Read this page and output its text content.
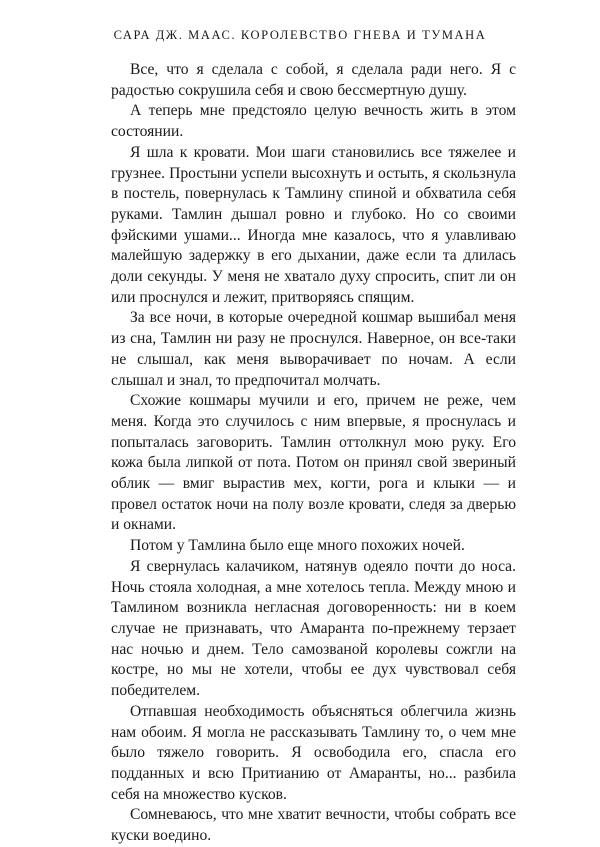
САРА ДЖ. МААС. КОРОЛЕВСТВО ГНЕВА И ТУМАНА

Все, что я сделала с собой, я сделала ради него. Я с радостью сокрушила себя и свою бессмертную душу.

А теперь мне предстояло целую вечность жить в этом состоянии.

Я шла к кровати. Мои шаги становились все тяжелее и грузнее. Простыни успели высохнуть и остыть, я скользнула в постель, повернулась к Тамлину спиной и обхватила себя руками. Тамлин дышал ровно и глубоко. Но со своими фэйскими ушами... Иногда мне казалось, что я улавливаю малейшую задержку в его дыхании, даже если та длилась доли секунды. У меня не хватало духу спросить, спит ли он или проснулся и лежит, притворяясь спящим.

За все ночи, в которые очередной кошмар вышибал меня из сна, Тамлин ни разу не проснулся. Наверное, он все-таки не слышал, как меня выворачивает по ночам. А если слышал и знал, то предпочитал молчать.

Схожие кошмары мучили и его, причем не реже, чем меня. Когда это случилось с ним впервые, я проснулась и попыталась заговорить. Тамлин оттолкнул мою руку. Его кожа была липкой от пота. Потом он принял свой звериный облик — вмиг вырастив мех, когти, рога и клыки — и провел остаток ночи на полу возле кровати, следя за дверью и окнами.

Потом у Тамлина было еще много похожих ночей.

Я свернулась калачиком, натянув одеяло почти до носа. Ночь стояла холодная, а мне хотелось тепла. Между мною и Тамлином возникла негласная договоренность: ни в коем случае не признавать, что Амаранта по-прежнему терзает нас ночью и днем. Тело самозваной королевы сожгли на костре, но мы не хотели, чтобы ее дух чувствовал себя победителем.

Отпавшая необходимость объясняться облегчила жизнь нам обоим. Я могла не рассказывать Тамлину то, о чем мне было тяжело говорить. Я освободила его, спасла его подданных и всю Притианию от Амаранты, но... разбила себя на множество кусков.

Сомневаюсь, что мне хватит вечности, чтобы собрать все куски воедино.
